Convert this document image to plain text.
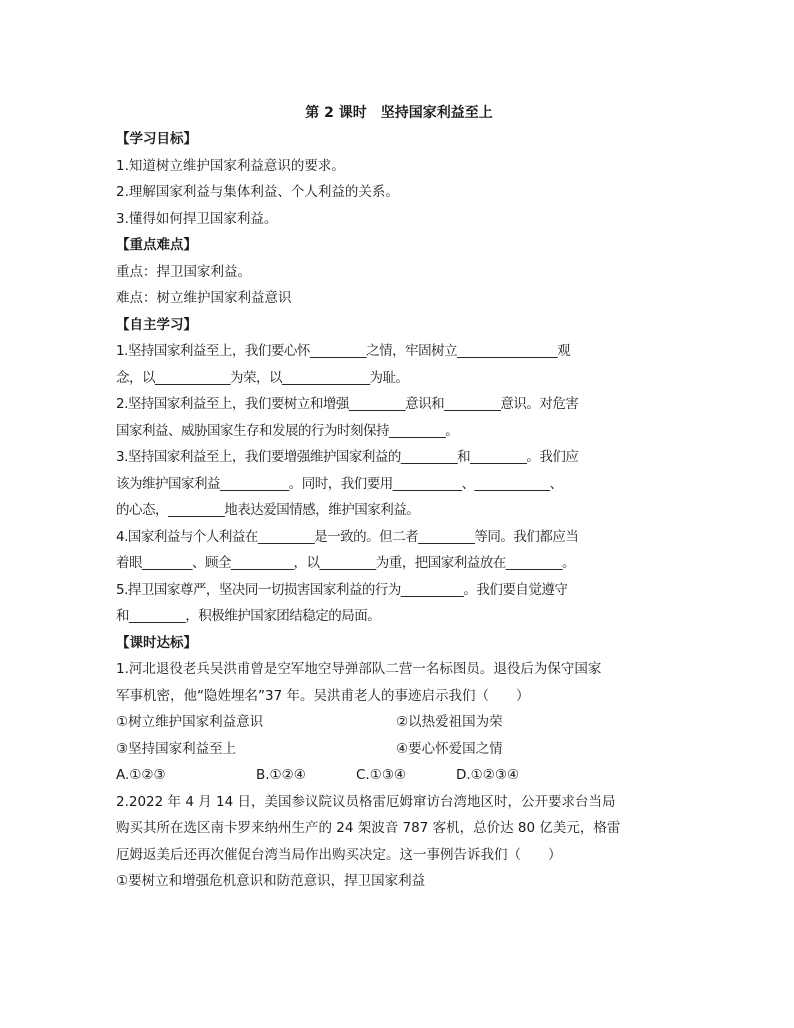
第 2 课时　坚持国家利益至上
【学习目标】
1.知道树立维护国家利益意识的要求。
2.理解国家利益与集体利益、个人利益的关系。
3.懂得如何捍卫国家利益。
【重点难点】
重点：捍卫国家利益。
难点：树立维护国家利益意识
【自主学习】
1.坚持国家利益至上，我们要心怀_________之情，牢固树立________________观
念，以____________为荣，以______________为耻。
2.坚持国家利益至上，我们要树立和增强_________意识和_________意识。对危害
国家利益、威胁国家生存和发展的行为时刻保持_________。
3.坚持国家利益至上，我们要增强维护国家利益的_________和_________。我们应
该为维护国家利益___________。同时，我们要用___________、____________、
的心态，_________地表达爱国情感，维护国家利益。
4.国家利益与个人利益在_________是一致的。但二者_________等同。我们都应当
着眼________、顾全__________，以_________为重，把国家利益放在_________。
5.捍卫国家尊严，坚决同一切损害国家利益的行为__________。我们要自觉遵守
和_________，积极维护国家团结稳定的局面。
【课时达标】
1.河北退役老兵吴洪甫曾是空军地空导弹部队二营一名标图员。退役后为保守国家
军事机密，他“隐姓埋名”37 年。吴洪甫老人的事迹启示我们（　　）
①树立维护国家利益意识	②以热爱祖国为荣
③坚持国家利益至上	④要心怀爱国之情
A.①②③	B.①②④	C.①③④	D.①②③④
2.2022 年 4 月 14 日，美国参议院议员格雷厄姆窜访台湾地区时，公开要求台当局
购买其所在选区南卡罗来纳州生产的 24 架波音 787 客机，总价达 80 亿美元，格雷
厄姆返美后还再次催促台湾当局作出购买决定。这一事例告诉我们（　　）
①要树立和增强危机意识和防范意识，捍卫国家利益
